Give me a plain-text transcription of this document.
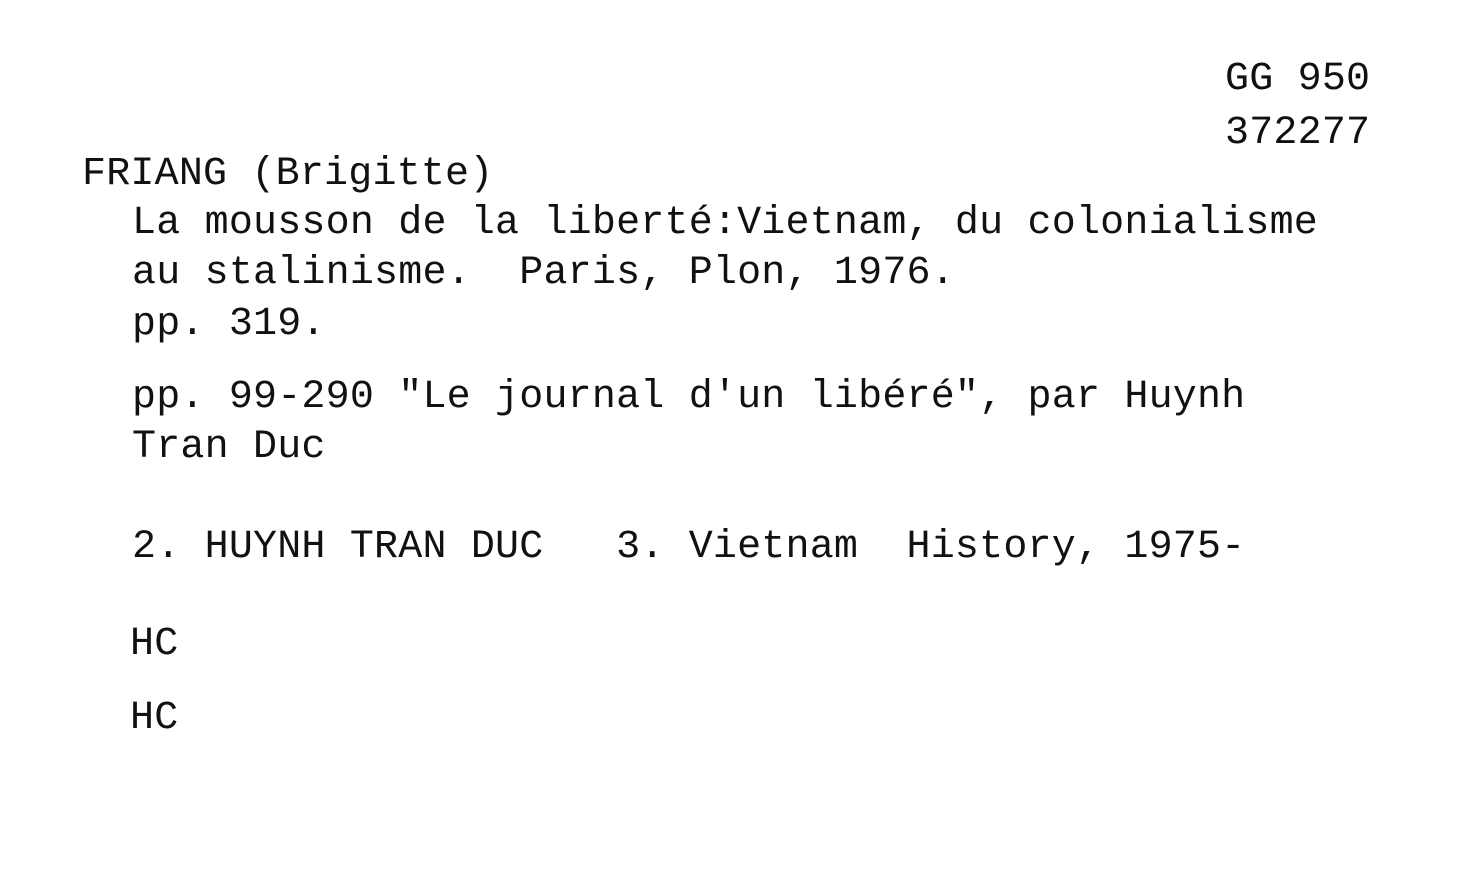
GG 950
372277
FRIANG (Brigitte)
La mousson de la liberté:Vietnam, du colonialisme
au stalinisme.  Paris, Plon, 1976.
pp. 319.
pp. 99-290 "Le journal d'un libéré", par Huynh
Tran Duc
2. HUYNH TRAN DUC   3. Vietnam  History, 1975-
HC
HC
